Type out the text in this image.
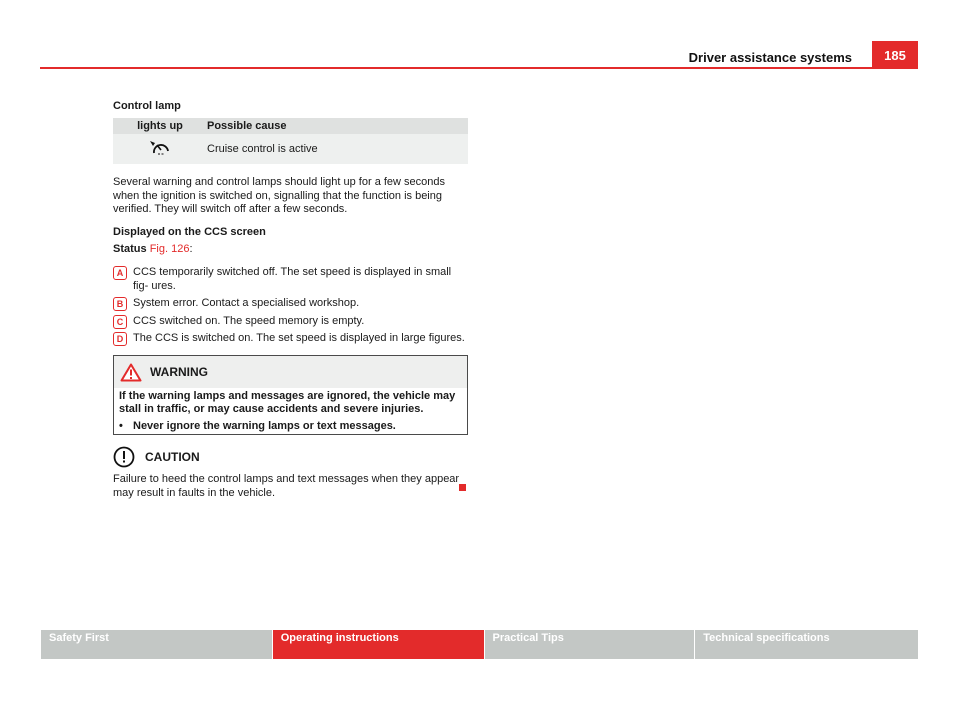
Driver assistance systems 185
Control lamp
lights up	Possible cause
	Cruise control is active
Several warning and control lamps should light up for a few seconds when the ignition is switched on, signalling that the function is being verified. They will switch off after a few seconds.
Displayed on the CCS screen
Status Fig. 126:
A CCS temporarily switched off. The set speed is displayed in small fig- ures.
B System error. Contact a specialised workshop.
C CCS switched on. The speed memory is empty.
D The CCS is switched on. The set speed is displayed in large figures.
WARNING
If the warning lamps and messages are ignored, the vehicle may stall in traffic, or may cause accidents and severe injuries.
• Never ignore the warning lamps or text messages.
CAUTION
Failure to heed the control lamps and text messages when they appear may result in faults in the vehicle.
Safety First	Operating instructions	Practical Tips	Technical specifications
